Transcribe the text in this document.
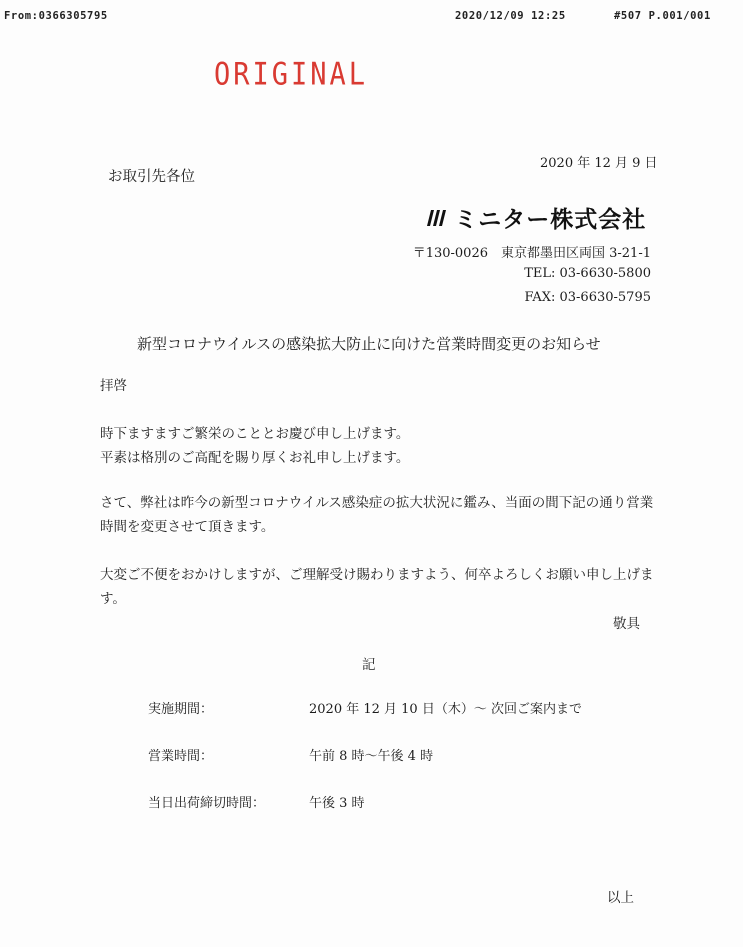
From:0366305795	2020/12/09 12:25	#507 P.001/001
ORIGINAL
2020 年 12 月 9 日
お取引先各位
ミニター株式会社
〒130-0026　東京都墨田区両国 3-21-1
TEL: 03-6630-5800
FAX: 03-6630-5795
新型コロナウイルスの感染拡大防止に向けた営業時間変更のお知らせ
拝啓
時下ますますご繁栄のこととお慶び申し上げます。
平素は格別のご高配を賜り厚くお礼申し上げます。
さて、弊社は昨今の新型コロナウイルス感染症の拡大状況に鑑み、当面の間下記の通り営業
時間を変更させて頂きます。
大変ご不便をおかけしますが、ご理解受け賜わりますよう、何卒よろしくお願い申し上げま
す。
敬具
記
実施期間：	2020 年 12 月 10 日（木）～ 次回ご案内まで
営業時間：	午前 8 時～午後 4 時
当日出荷締切時間：	午後 3 時
以上
